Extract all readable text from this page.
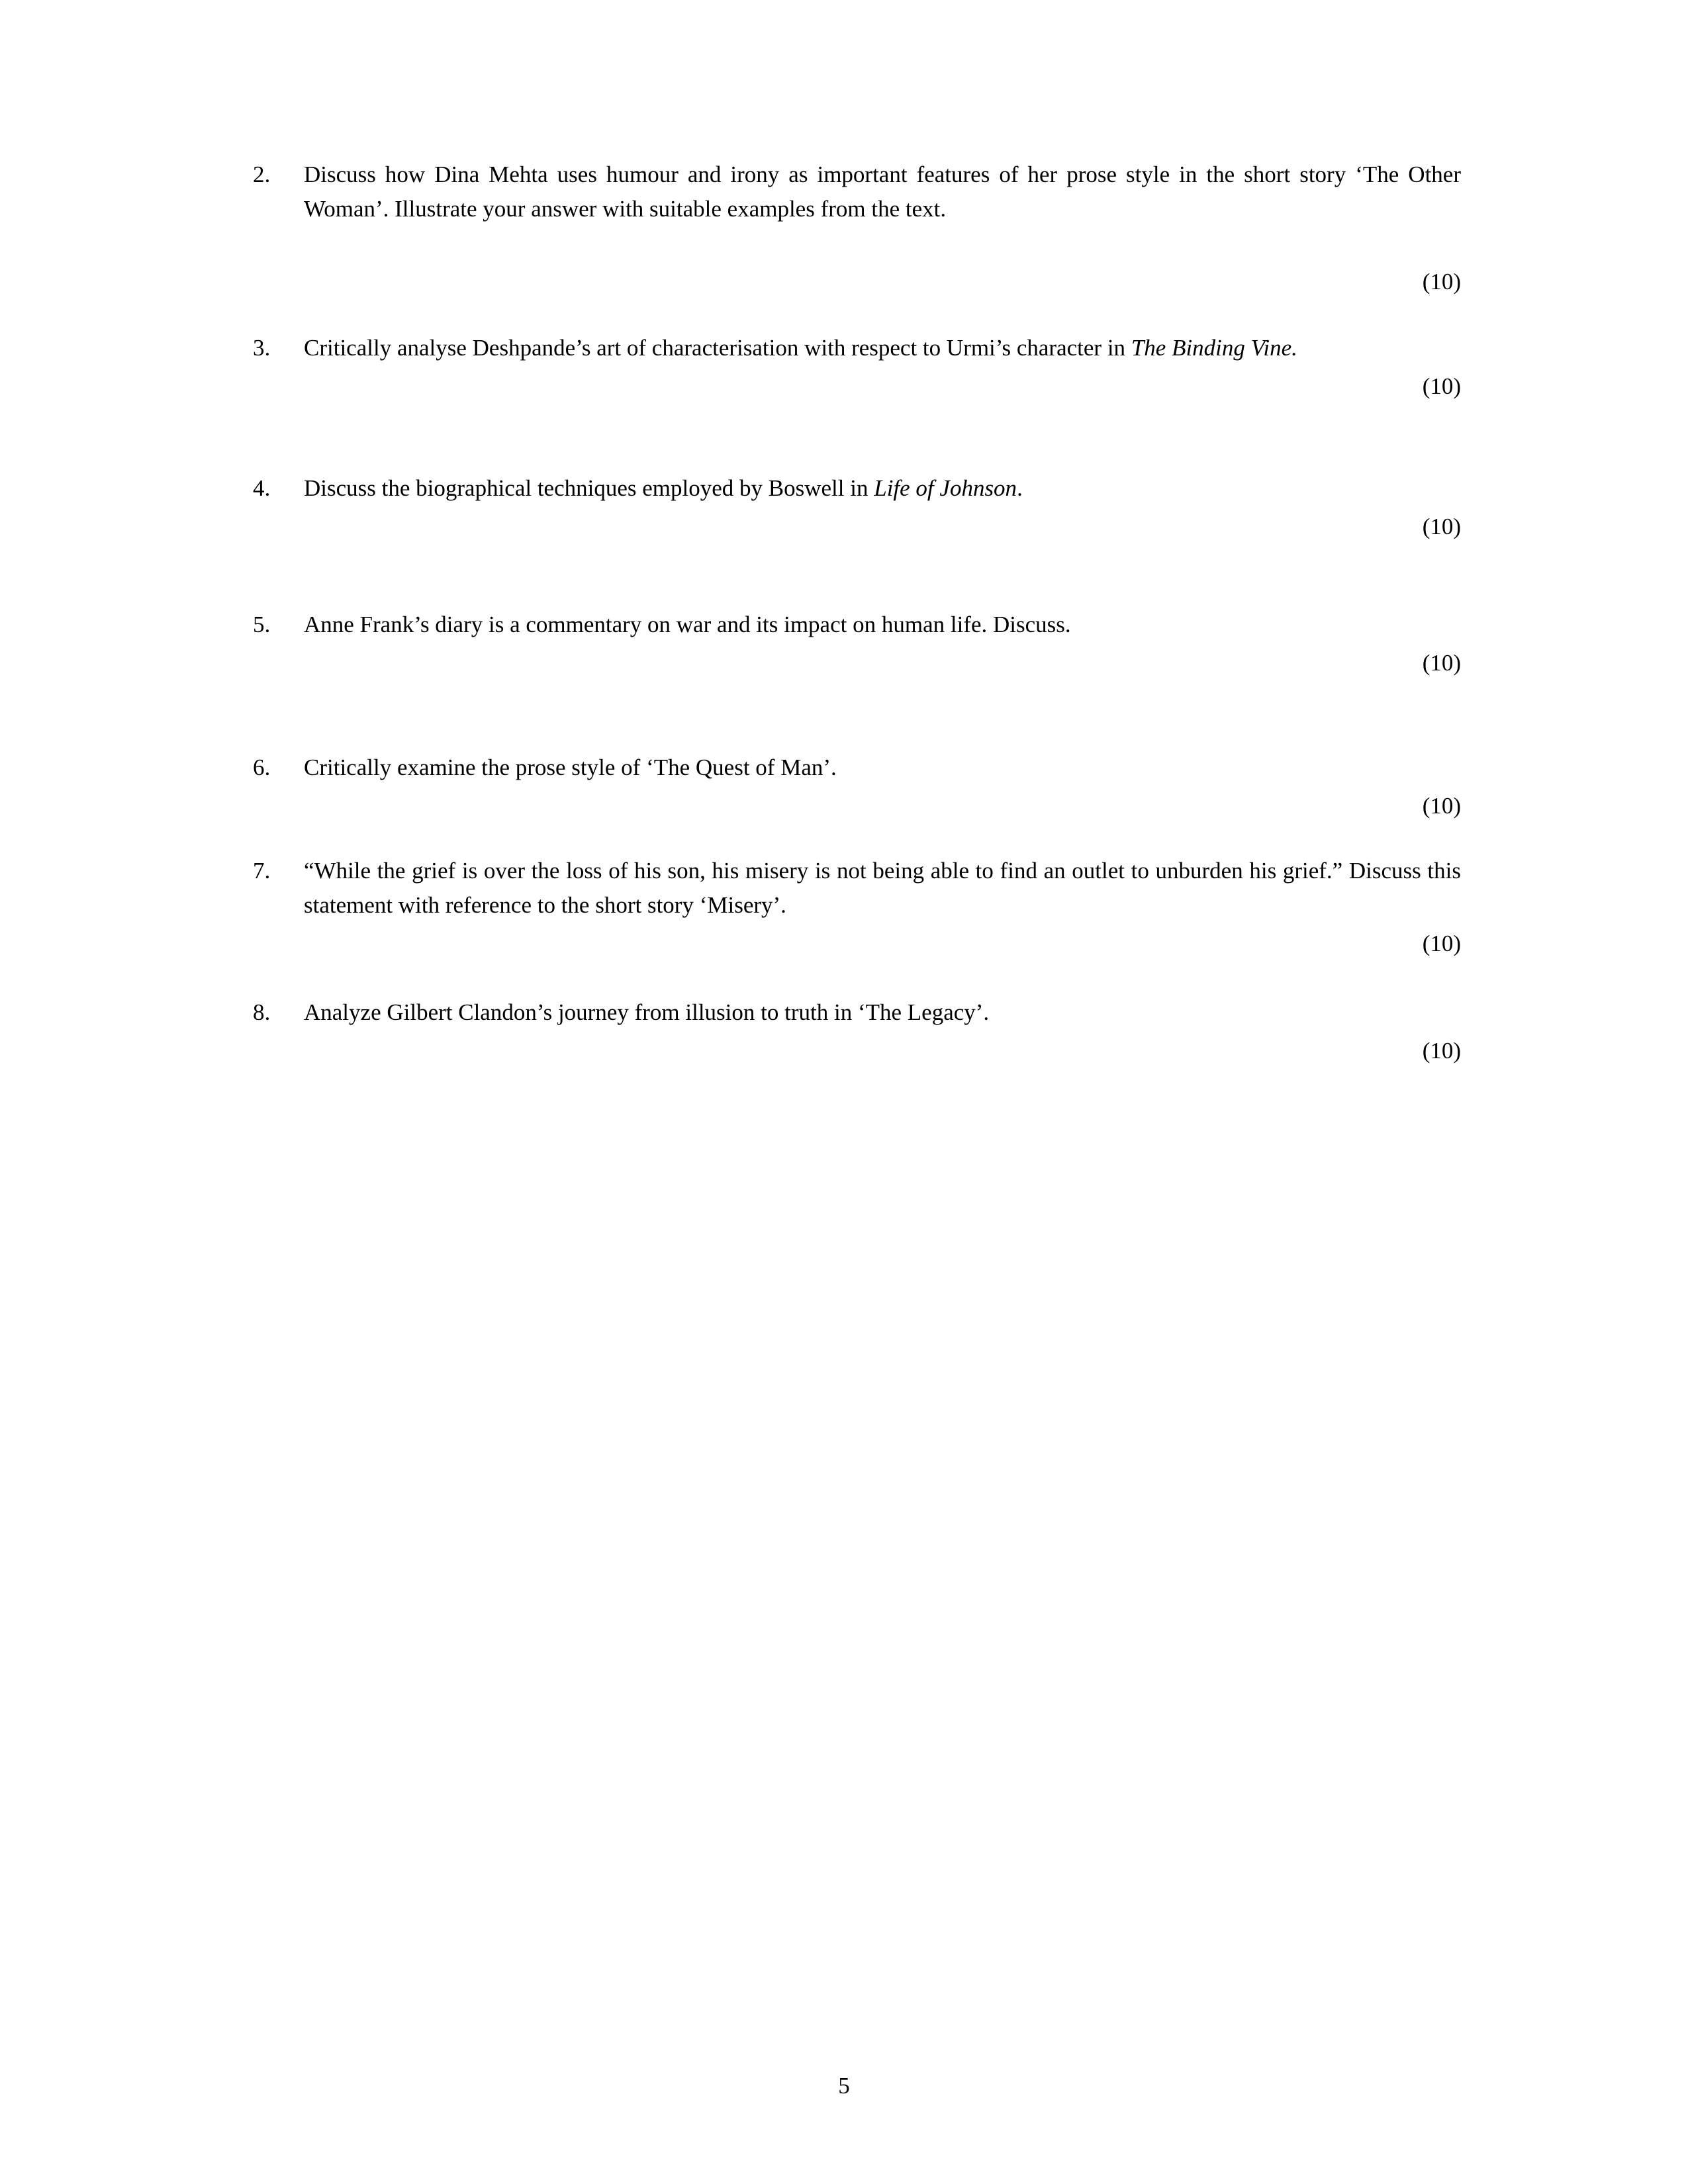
2.	Discuss how Dina Mehta uses humour and irony as important features of her prose style in the short story ‘The Other Woman’. Illustrate your answer with suitable examples from the text.

(10)
3.	Critically analyse Deshpande’s art of characterisation with respect to Urmi’s character in The Binding Vine.

(10)
4.	Discuss the biographical techniques employed by Boswell in Life of Johnson.

(10)
5.	Anne Frank’s diary is a commentary on war and its impact on human life. Discuss.

(10)
6.	Critically examine the prose style of ‘The Quest of Man’.

(10)
7.	“While the grief is over the loss of his son, his misery is not being able to find an outlet to unburden his grief.” Discuss this statement with reference to the short story ‘Misery’.

(10)
8.	Analyze Gilbert Clandon’s journey from illusion to truth in ‘The Legacy’.

(10)
5
